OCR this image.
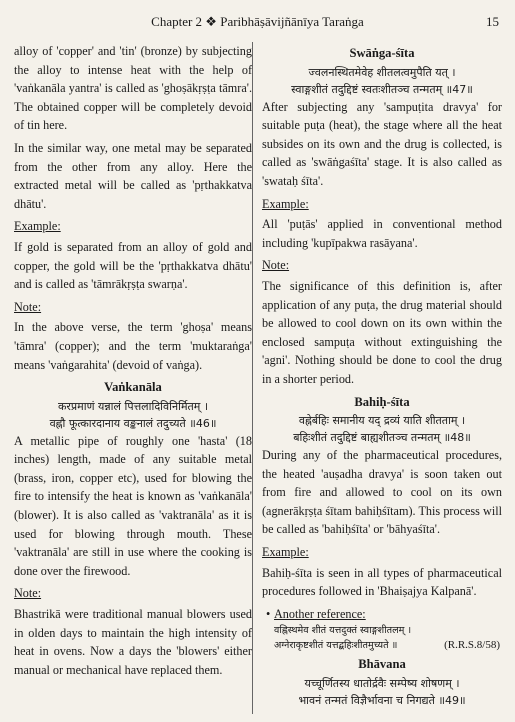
Chapter 2 ❖ Paribhāṣāvijñānīya Taraṅga	15

alloy of 'copper' and 'tin' (bronze) by subjecting the alloy to intense heat with the help of 'vaṅkanāla yantra' is called as 'ghoṣākṛṣṭa tāmra'. The obtained copper will be completely devoid of tin here.

In the similar way, one metal may be separated from the other from any alloy. Here the extracted metal will be called as 'pṛthakkatva dhātu'.

Example:

If gold is separated from an alloy of gold and copper, the gold will be the 'pṛthakkatva dhātu' and is called as 'tāmrākṛṣṭa swarṇa'.

Note:

In the above verse, the term 'ghoṣa' means 'tāmra' (copper); and the term 'muktaraṅga' means 'vaṅgarahita' (devoid of vaṅga).

Vaṅkanāla
करप्रमाणं यन्नालं पित्तलादिविनिर्मितम् ।
वह्नौ फूत्कारदानाय वङ्कनालं तदुच्यते ॥46॥

A metallic pipe of roughly one 'hasta' (18 inches) length, made of any suitable metal (brass, iron, copper etc), used for blowing the fire to intensify the heat is known as 'vaṅkanāla' (blower). It is also called as 'vaktranāla' as it is used for blowing through mouth. These 'vaktranāla' are still in use where the cooking is done over the firewood.

Note:

Bhastrikā were traditional manual blowers used in olden days to maintain the high intensity of heat in ovens. Now a days the 'blowers' either manual or mechanical have replaced them.

Swāṅga-śīta
ज्वलनस्थितमेवेह शीतलत्वमुपैति यत् ।
स्वाङ्गशीतं तदुद्दिष्टं स्वतःशीतञ्च तन्मतम् ॥47॥

After subjecting any 'sampuṭita dravya' for suitable puṭa (heat), the stage where all the heat subsides on its own and the drug is collected, is called as 'swāṅgaśīta' stage. It is also called as 'swataḥ śīta'.

Example:

All 'puṭās' applied in conventional method including 'kupīpakwa rasāyana'.

Note:

The significance of this definition is, after application of any puṭa, the drug material should be allowed to cool down on its own within the enclosed sampuṭa without extinguishing the 'agni'. Nothing should be done to cool the drug in a shorter period.

Bahiḥ-śīta
वह्नेर्बहिः समानीय यद् द्रव्यं याति शीतताम् ।
बहिःशीतं तदुद्दिष्टं बाह्यशीतञ्च तन्मतम् ॥48॥

During any of the pharmaceutical procedures, the heated 'auṣadha dravya' is soon taken out from fire and allowed to cool on its own (agnerākṛṣṭa śītam bahiḥśītam). This process will be called as 'bahiḥśīta' or 'bāhyaśīta'.

Example:

Bahiḥ-śīta is seen in all types of pharmaceutical procedures followed in 'Bhaiṣajya Kalpanā'.

• Another reference:
वह्निस्थमेव शीतं यत्तदुक्तं स्वाङ्गशीतलम् ।
अग्नेराकृष्टशीतं यत्तद्बहिःशीतमुच्यते ॥	(R.R.S.8/58)
Bhāvana
यच्चूर्णितस्य धातोर्द्रवैः सम्पेष्य शोषणम् ।
भावनं तन्मतं विज्ञैर्भावना च निगद्यते ॥49॥
